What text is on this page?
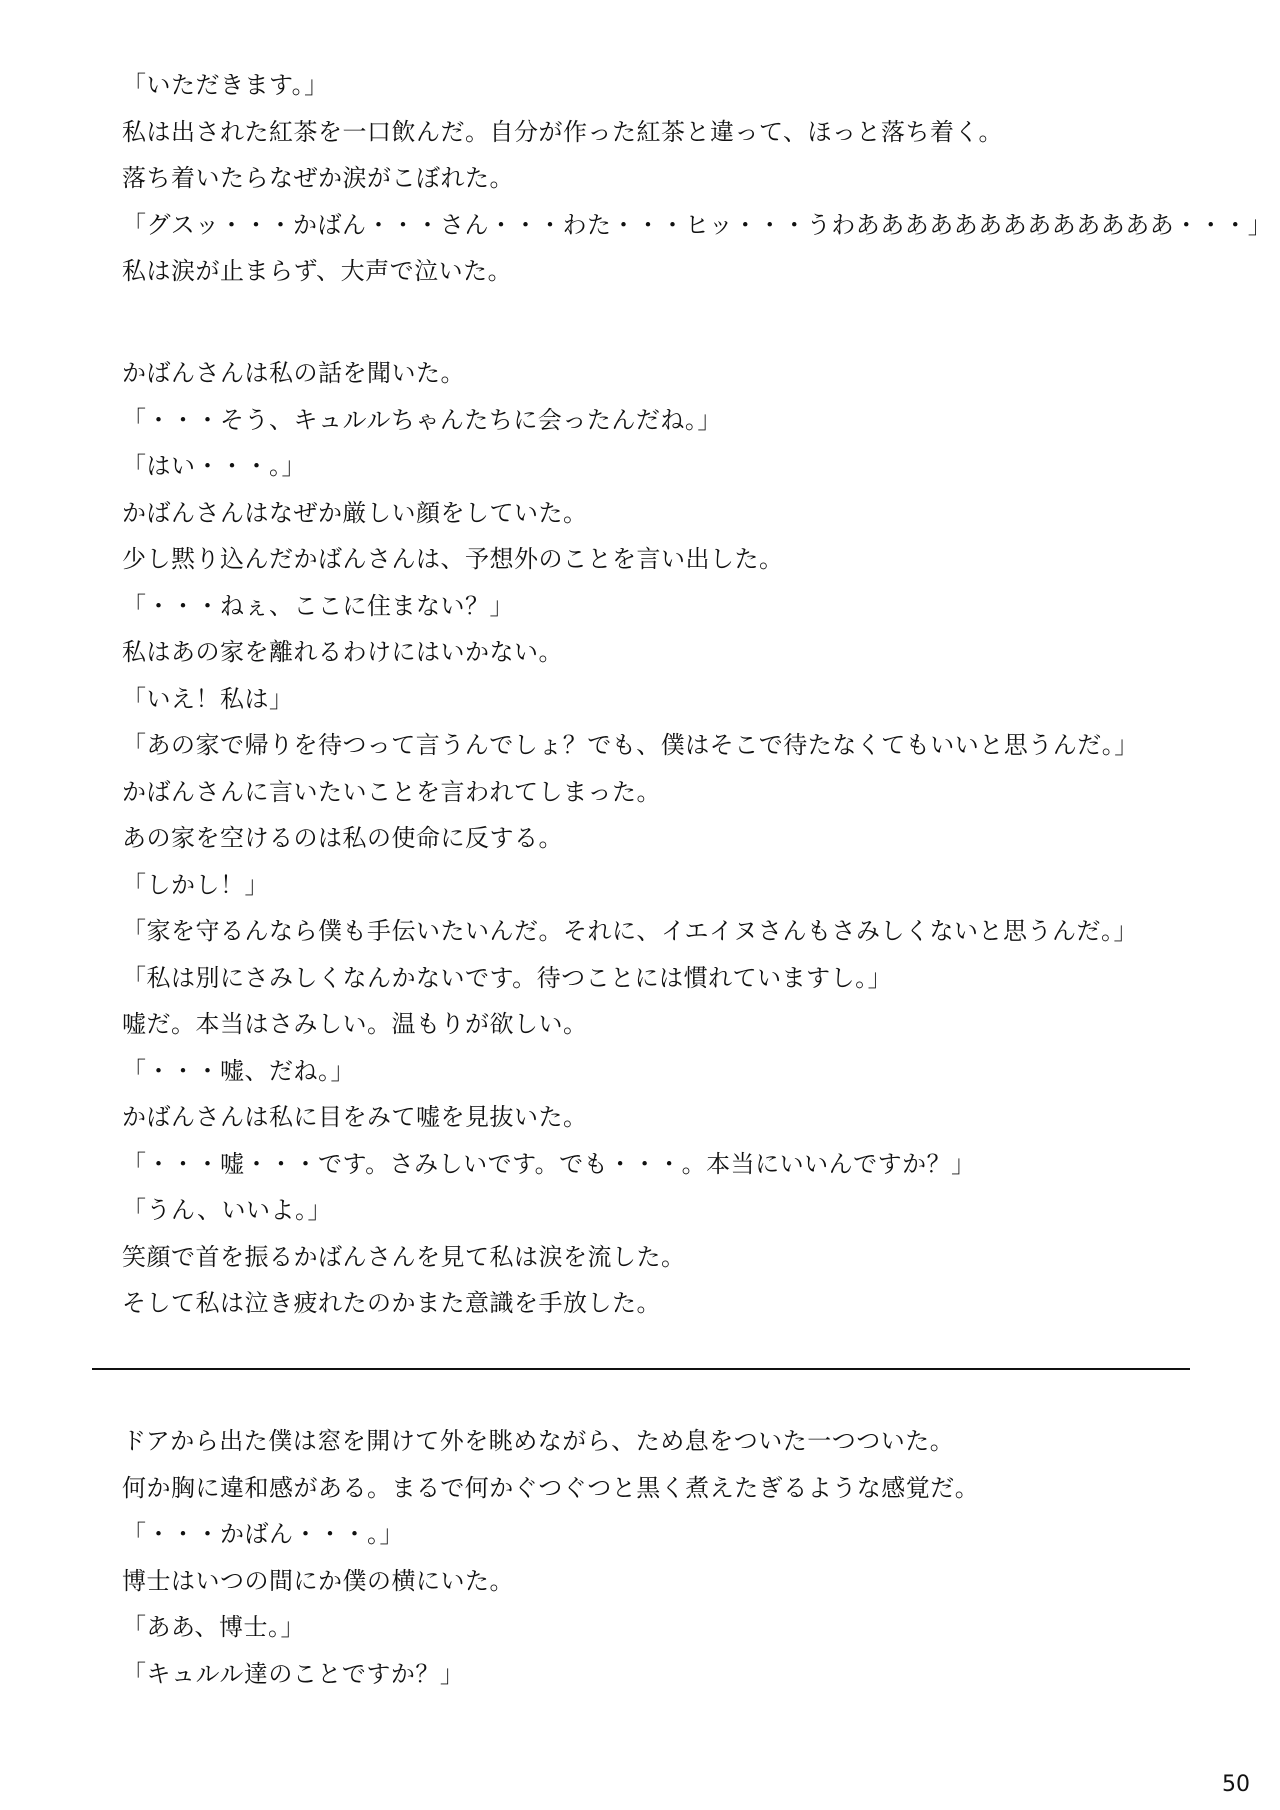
「いただきます。」
私は出された紅茶を一口飲んだ。自分が作った紅茶と違って、ほっと落ち着く。
落ち着いたらなぜか涙がこぼれた。
「グスッ・・・かばん・・・さん・・・わた・・・ヒッ・・・うわあああああああああああああ・・・」
私は涙が止まらず、大声で泣いた。
かばんさんは私の話を聞いた。
「・・・そう、キュルルちゃんたちに会ったんだね。」
「はい・・・。」
かばんさんはなぜか厳しい顔をしていた。
少し黙り込んだかばんさんは、予想外のことを言い出した。
「・・・ねぇ、ここに住まない？」
私はあの家を離れるわけにはいかない。
「いえ！私は」
「あの家で帰りを待つって言うんでしょ？でも、僕はそこで待たなくてもいいと思うんだ。」
かばんさんに言いたいことを言われてしまった。
あの家を空けるのは私の使命に反する。
「しかし！」
「家を守るんなら僕も手伝いたいんだ。それに、イエイヌさんもさみしくないと思うんだ。」
「私は別にさみしくなんかないです。待つことには慣れていますし。」
嘘だ。本当はさみしい。温もりが欲しい。
「・・・嘘、だね。」
かばんさんは私に目をみて嘘を見抜いた。
「・・・嘘・・・です。さみしいです。でも・・・。本当にいいんですか？」
「うん、いいよ。」
笑顔で首を振るかばんさんを見て私は涙を流した。
そして私は泣き疲れたのかまた意識を手放した。
ドアから出た僕は窓を開けて外を眺めながら、ため息をついた一つついた。
何か胸に違和感がある。まるで何かぐつぐつと黒く煮えたぎるような感覚だ。
「・・・かばん・・・。」
博士はいつの間にか僕の横にいた。
「ああ、博士。」
「キュルル達のことですか？」
50
